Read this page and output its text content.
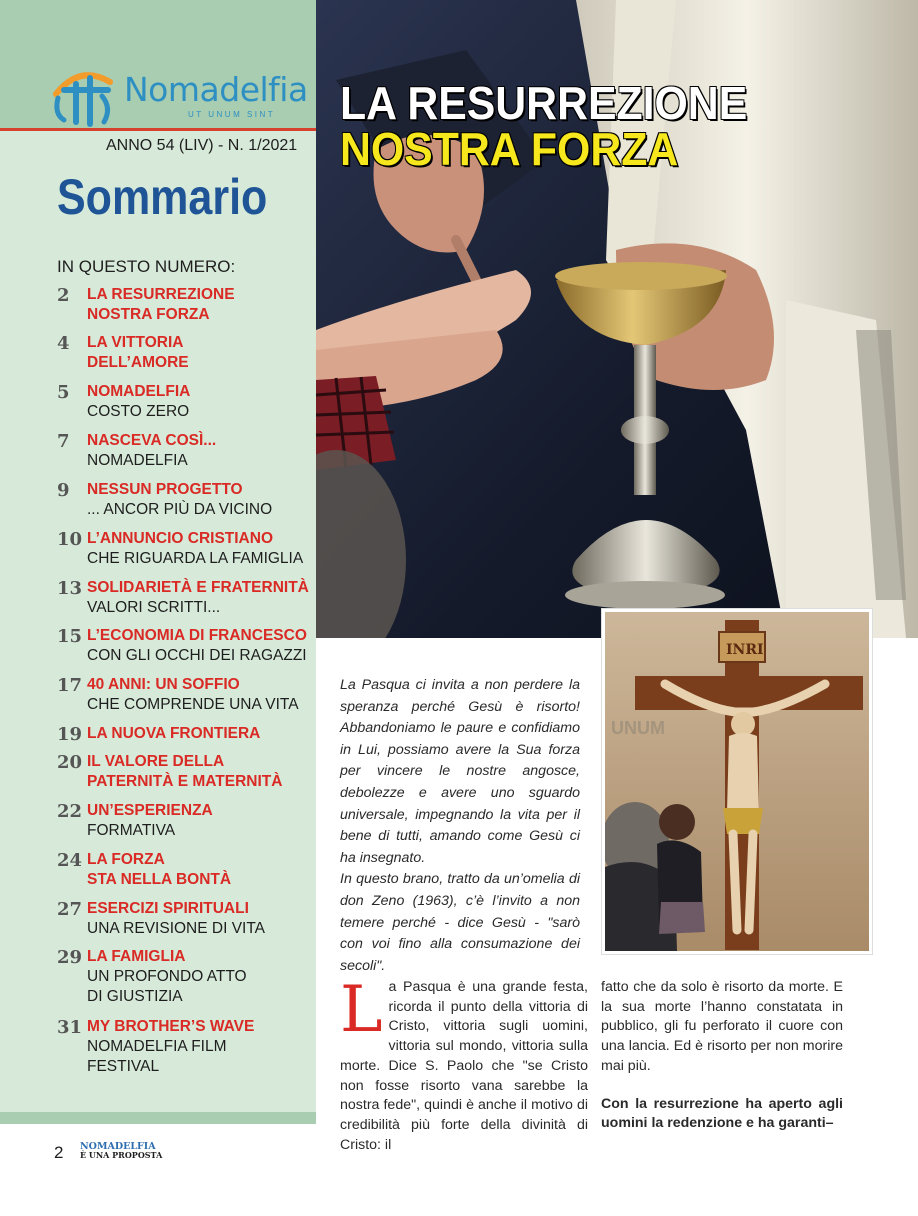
Nomadelfia
UT UNUM SINT
ANNO 54 (LIV) - N. 1/2021
Sommario
IN QUESTO NUMERO:
2	LA RESURREZIONE
NOSTRA FORZA
4	LA VITTORIA
DELL’AMORE
5	NOMADELFIA
COSTO ZERO
7	NASCEVA COSÌ...
NOMADELFIA
9	NESSUN PROGETTO
... ANCOR PIÙ DA VICINO
10 L’ANNUNCIO CRISTIANO
CHE RIGUARDA LA FAMIGLIA
13 SOLIDARIETÀ E FRATERNITÀ
VALORI SCRITTI...
15 L’ECONOMIA DI FRANCESCO
CON GLI OCCHI DEI RAGAZZI
17 40 ANNI: UN SOFFIO
CHE COMPRENDE UNA VITA
19 LA NUOVA FRONTIERA
20 IL VALORE DELLA
PATERNITÀ E MATERNITÀ
22 UN’ESPERIENZA
FORMATIVA
24 LA FORZA
STA NELLA BONTÀ
27 ESERCIZI SPIRITUALI
UNA REVISIONE DI VITA
29 LA FAMIGLIA
UN PROFONDO ATTO
DI GIUSTIZIA
31 MY BROTHER’S WAVE
NOMADELFIA FILM
FESTIVAL
LA RESURREZIONE
NOSTRA FORZA
UNUM
INRI

La Pasqua ci invita a non perdere la speranza perché Gesù è risorto! Abbandoniamo le paure e confidiamo in Lui, possiamo avere la Sua forza per vincere le nostre angosce, debolezze e avere uno sguardo universale, impegnando la vita per il bene di tutti, amando come Gesù ci ha insegnato.

In questo brano, tratto da un’omelia di don Zeno (1963), c’è l’invito a non temere perché - dice Gesù - "sarò con voi fino alla consumazione dei secoli".

L a Pasqua è una grande festa, ricorda il punto della vittoria di Cristo, vittoria sugli uomini, vittoria sul mondo, vittoria sulla morte. Dice S. Paolo che "se Cristo non fosse risorto vana sarebbe la nostra fede", quindi è anche il motivo di credibilità più forte della divinità di Cristo: il

fatto che da solo è risorto da morte. E la sua morte l’hanno constatata in pubblico, gli fu perforato il cuore con una lancia. Ed è risorto per non morire mai più.

Con la resurrezione ha aperto agli uomini la redenzione e ha garanti–

2 NOMADELFIA
È UNA PROPOSTA
